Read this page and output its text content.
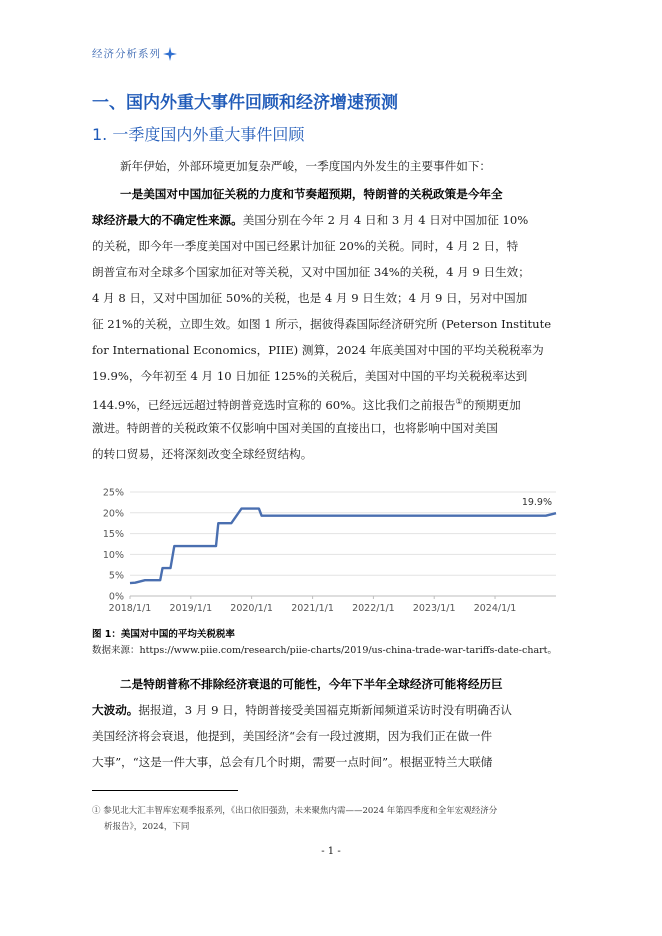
经济分析系列
一、国内外重大事件回顾和经济增速预测
1. 一季度国内外重大事件回顾
新年伊始，外部环境更加复杂严峻，一季度国内外发生的主要事件如下：
一是美国对中国加征关税的力度和节奏超预期，特朗普的关税政策是今年全
球经济最大的不确定性来源。美国分别在今年 2 月 4 日和 3 月 4 日对中国加征 10%
的关税，即今年一季度美国对中国已经累计加征 20%的关税。同时，4 月 2 日，特
朗普宣布对全球多个国家加征对等关税，又对中国加征 34%的关税，4 月 9 日生效；
4 月 8 日，又对中国加征 50%的关税，也是 4 月 9 日生效；4 月 9 日，另对中国加
征 21%的关税，立即生效。如图 1 所示，据彼得森国际经济研究所 (Peterson Institute
for International Economics，PIIE) 测算，2024 年底美国对中国的平均关税税率为
19.9%，今年初至 4 月 10 日加征 125%的关税后，美国对中国的平均关税税率达到
144.9%，已经远远超过特朗普竞选时宣称的 60%。这比我们之前报告①的预期更加
激进。特朗普的关税政策不仅影响中国对美国的直接出口，也将影响中国对美国
的转口贸易，还将深刻改变全球经贸结构。
0%
5%
10%
15%
20%
25%
2018/1/1 2019/1/1 2020/1/1 2021/1/1 2022/1/1 2023/1/1 2024/1/1
19.9%
图 1：美国对中国的平均关税税率
数据来源：https://www.piie.com/research/piie-charts/2019/us-china-trade-war-tariffs-date-chart。
二是特朗普称不排除经济衰退的可能性，今年下半年全球经济可能将经历巨
大波动。据报道，3 月 9 日，特朗普接受美国福克斯新闻频道采访时没有明确否认
美国经济将会衰退，他提到，美国经济“会有一段过渡期，因为我们正在做一件
大事”，“这是一件大事，总会有几个时期，需要一点时间”。根据亚特兰大联储
① 参见北大汇丰智库宏观季报系列，《出口依旧强劲，未来聚焦内需——2024 年第四季度和全年宏观经济分
析报告》，2024，下同
- 1 -
